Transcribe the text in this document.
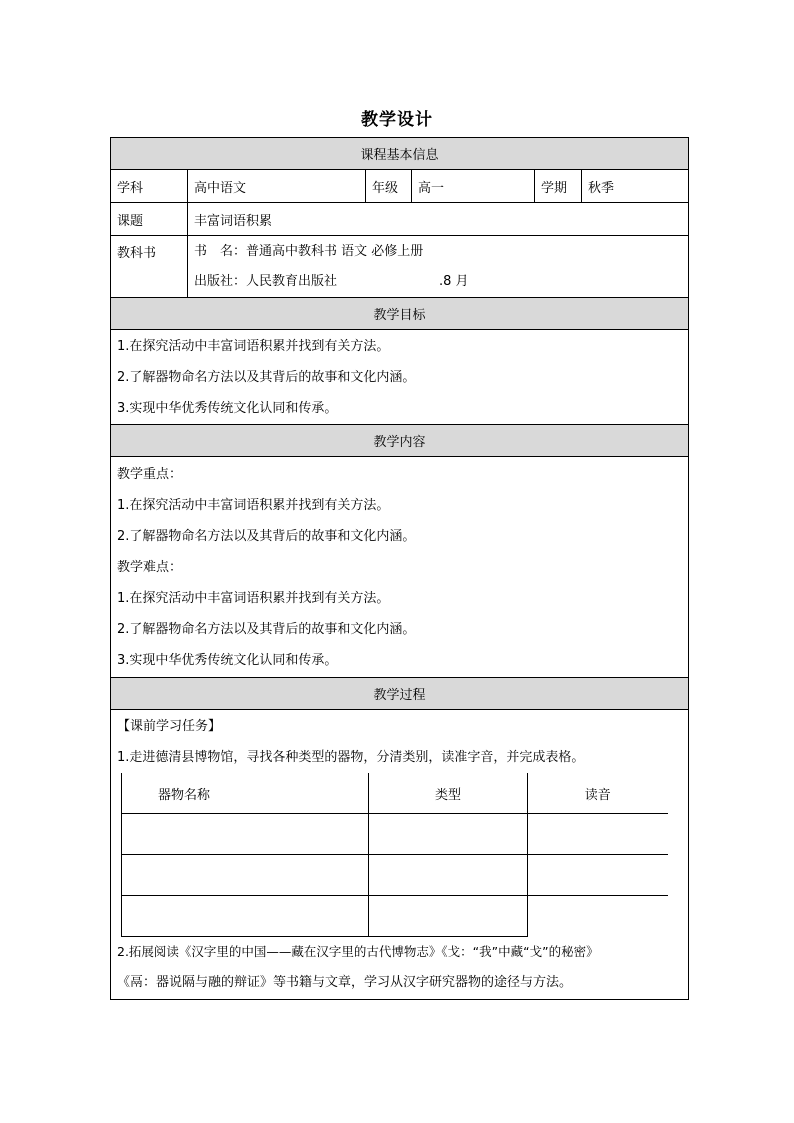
教学设计
课程基本信息
学科	高中语文	年级	高一	学期	秋季
课题	丰富词语积累
教科书	书　名：普通高中教科书 语文 必修上册
出版社：人民教育出版社	.8 月

教学目标

1.在探究活动中丰富词语积累并找到有关方法。
2.了解器物命名方法以及其背后的故事和文化内涵。
3.实现中华优秀传统文化认同和传承。

教学内容

教学重点：
1.在探究活动中丰富词语积累并找到有关方法。
2.了解器物命名方法以及其背后的故事和文化内涵。
教学难点：
1.在探究活动中丰富词语积累并找到有关方法。
2.了解器物命名方法以及其背后的故事和文化内涵。
3.实现中华优秀传统文化认同和传承。

教学过程

【课前学习任务】
1.走进德清县博物馆，寻找各种类型的器物，分清类别，读准字音，并完成表格。
器物名称	类型	读音

2.拓展阅读《汉字里的中国——藏在汉字里的古代博物志》《戈：“我”中藏“戈”的秘密》
《鬲：器说隔与融的辩证》等书籍与文章，学习从汉字研究器物的途径与方法。
